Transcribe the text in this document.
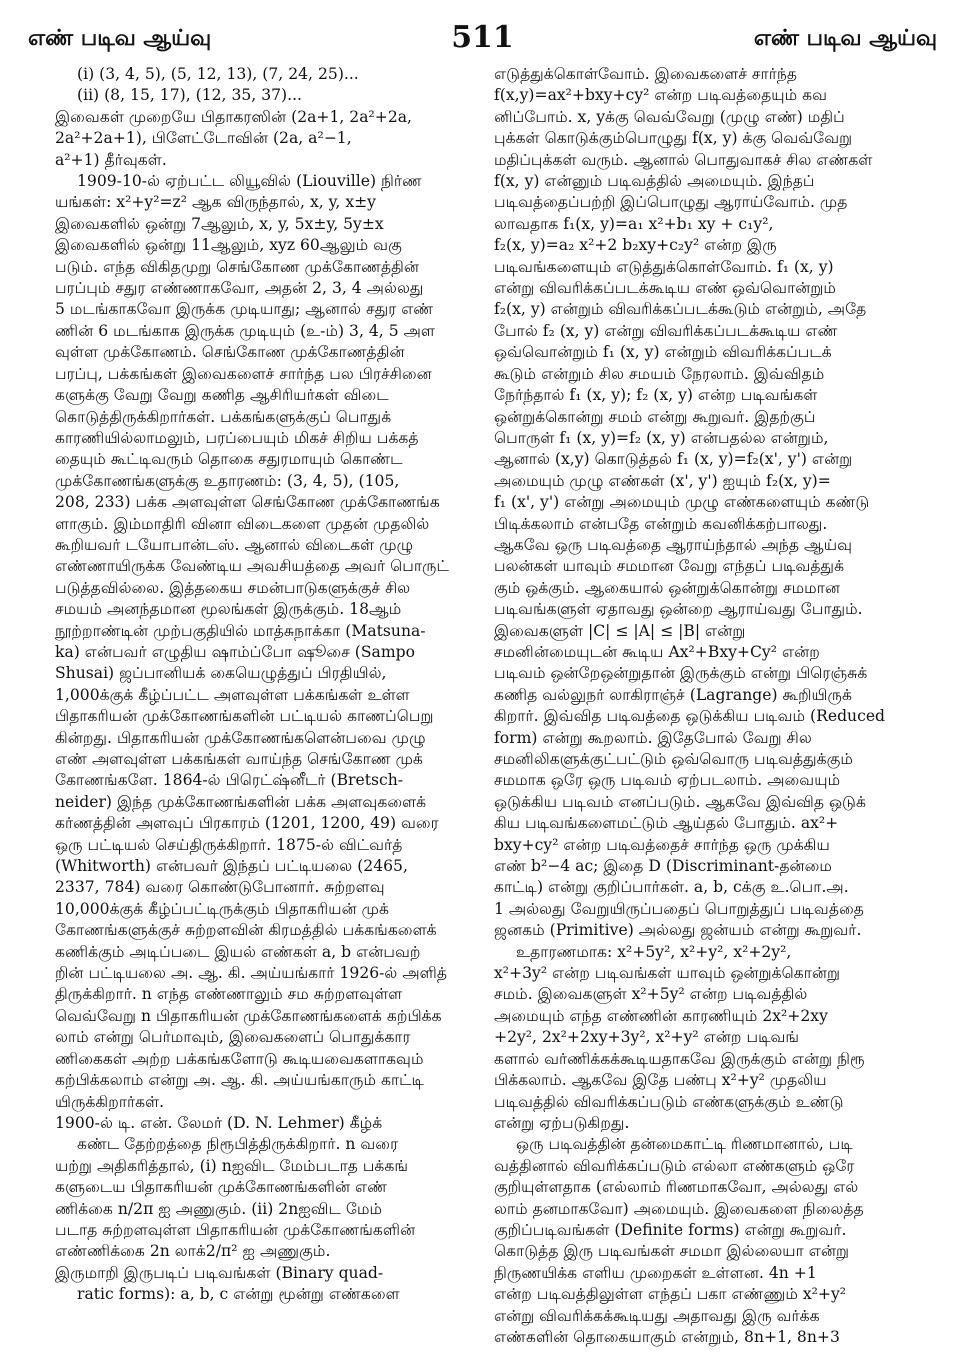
எண் படிவ ஆய்வு	511	எண் படிவ ஆய்வு
(i) (3, 4, 5), (5, 12, 13), (7, 24, 25)...
(ii) (8, 15, 17), (12, 35, 37)...
இவைகள் முறையே பிதாகரஸின் (2a+1, 2a²+2a,
2a²+2a+1), பிளேட்டோவின் (2a, a²−1,
a²+1) தீர்வுகள்.
1909-10-ல் ஏற்பட்ட லியூவில் (Liouville) நிர்ண
யங்கள்: x²+y²=z² ஆக விருந்தால், x, y, x±y
இவைகளில் ஒன்று 7ஆலும், x, y, 5x±y, 5y±x
இவைகளில் ஒன்று 11ஆலும், xyz 60ஆலும் வகு
படும். எந்த விகிதமுறு செங்கோண முக்கோணத்தின்
பரப்பும் சதுர எண்ணாகவோ, அதன் 2, 3, 4 அல்லது
5 மடங்காகவோ இருக்க முடியாது; ஆனால் சதுர எண்
ணின் 6 மடங்காக இருக்க முடியும் (உ-ம்) 3, 4, 5 அள
வுள்ள முக்கோணம். செங்கோண முக்கோணத்தின்
பரப்பு, பக்கங்கள் இவைகளைச் சார்ந்த பல பிரச்சினை
களுக்கு வேறு வேறு கணித ஆசிரியர்கள் விடை
கொடுத்திருக்கிறார்கள். பக்கங்களுக்குப் பொதுக்
காரணியில்லாமலும், பரப்பையும் மிகச் சிறிய பக்கத்
தையும் கூட்டிவரும் தொகை சதுரமாயும் கொண்ட
முக்கோணங்களுக்கு உதாரணம்: (3, 4, 5), (105,
208, 233) பக்க அளவுள்ள செங்கோண முக்கோணங்க
ளாகும். இம்மாதிரி வினா விடைகளை முதன் முதலில்
கூறியவர் டயோபான்டஸ். ஆனால் விடைகள் முழு
எண்ணாயிருக்க வேண்டிய அவசியத்தை அவர் பொருட்
படுத்தவில்லை. இத்தகைய சமன்பாடுகளுக்குச் சில
சமயம் அனந்தமான மூலங்கள் இருக்கும். 18ஆம்
நூற்றாண்டின் முற்பகுதியில் மாத்சுநாக்கா (Matsuna-
ka) என்பவர் எழுதிய ஷாம்ப்போ ஷூசை (Sampo
Shusai) ஜப்பானியக் கையெழுத்துப் பிரதியில்,
1,000க்குக் கீழ்ப்பட்ட அளவுள்ள பக்கங்கள் உள்ள
பிதாகரியன் முக்கோணங்களின் பட்டியல் காணப்பெறு
கின்றது. பிதாகரியன் முக்கோணங்களென்பவை முழு
எண் அளவுள்ள பக்கங்கள் வாய்ந்த செங்கோண முக்
கோணங்களே. 1864-ல் பிரெட்ஷ்னீடர் (Bretsch-
neider) இந்த முக்கோணங்களின் பக்க அளவுகளைக்
கர்ணத்தின் அளவுப் பிரகாரம் (1201, 1200, 49) வரை
ஒரு பட்டியல் செய்திருக்கிறார். 1875-ல் விட்வர்த்
(Whitworth) என்பவர் இந்தப் பட்டியலை (2465,
2337, 784) வரை கொண்டுபோனார். சுற்றளவு
10,000க்குக் கீழ்ப்பட்டிருக்கும் பிதாகரியன் முக்
கோணங்களுக்குச் சுற்றளவின் கிரமத்தில் பக்கங்களைக்
கணிக்கும் அடிப்படை இயல் எண்கள் a, b என்பவற்
றின் பட்டியலை அ. ஆ. கி. அய்யங்கார் 1926-ல் அளித்
திருக்கிறார். n எந்த எண்ணாலும் சம சுற்றளவுள்ள
வெவ்வேறு n பிதாகரியன் முக்கோணங்களைக் கற்பிக்க
லாம் என்று பெர்மாவும், இவைகளைப் பொதுக்கார
ணிகைகள் அற்ற பக்கங்களோடு கூடியவைகளாகவும்
கற்பிக்கலாம் என்று அ. ஆ. கி. அய்யங்காரும் காட்டி
யிருக்கிறார்கள்.
1900-ல் டி. என். லேமர் (D. N. Lehmer) கீழ்க்
கண்ட தேற்றத்தை நிரூபித்திருக்கிறார். n வரை
யற்று அதிகரித்தால், (i) nஐவிட மேம்படாத பக்கங்
களுடைய பிதாகரியன் முக்கோணங்களின் எண்
ணிக்கை n/2π ஐ அணுகும். (ii) 2nஐவிட மேம்
படாத சுற்றளவுள்ள பிதாகரியன் முக்கோணங்களின்
எண்ணிக்கை 2n லாக்2/π² ஐ அணுகும்.
இருமாறி இருபடிப் படிவங்கள் (Binary quad-
ratic forms): a, b, c என்று மூன்று எண்களை
எடுத்துக்கொள்வோம். இவைகளைச் சார்ந்த
f(x,y)=ax²+bxy+cy² என்ற படிவத்தையும் கவ
னிப்போம். x, yக்கு வெவ்வேறு (முழு எண்) மதிப்
புக்கள் கொடுக்கும்பொழுது f(x, y) க்கு வெவ்வேறு
மதிப்புக்கள் வரும். ஆனால் பொதுவாகச் சில எண்கள்
f(x, y) என்னும் படிவத்தில் அமையும். இந்தப்
படிவத்தைப்பற்றி இப்பொழுது ஆராய்வோம். முத
லாவதாக f₁(x, y)=a₁ x²+b₁ xy + c₁y²,
f₂(x, y)=a₂ x²+2 b₂xy+c₂y² என்ற இரு
படிவங்களையும் எடுத்துக்கொள்வோம். f₁ (x, y)
என்று விவரிக்கப்படக்கூடிய எண் ஒவ்வொன்றும்
f₂(x, y) என்றும் விவரிக்கப்படக்கூடும் என்றும், அதே
போல் f₂ (x, y) என்று விவரிக்கப்படக்கூடிய எண்
ஒவ்வொன்றும் f₁ (x, y) என்றும் விவரிக்கப்படக்
கூடும் என்றும் சில சமயம் நேரலாம். இவ்விதம்
நேர்ந்தால் f₁ (x, y); f₂ (x, y) என்ற படிவங்கள்
ஒன்றுக்கொன்று சமம் என்று கூறுவர். இதற்குப்
பொருள் f₁ (x, y)=f₂ (x, y) என்பதல்ல என்றும்,
ஆனால் (x,y) கொடுத்தல் f₁ (x, y)=f₂(x', y') என்று
அமையும் முழு எண்கள் (x', y') ஐயும் f₂(x, y)=
f₁ (x', y') என்று அமையும் முழு எண்களையும் கண்டு
பிடிக்கலாம் என்பதே என்றும் கவனிக்கற்பாலது.
ஆகவே ஒரு படிவத்தை ஆராய்ந்தால் அந்த ஆய்வு
பலன்கள் யாவும் சமமான வேறு எந்தப் படிவத்துக்
கும் ஒக்கும். ஆகையால் ஒன்றுக்கொன்று சமமான
படிவங்களுள் ஏதாவது ஒன்றை ஆராய்வது போதும்.
இவைகளுள் |C| ≤ |A| ≤ |B| என்று
சமனின்மையுடன் கூடிய Ax²+Bxy+Cy² என்ற
படிவம் ஒன்றேஒன்றுதான் இருக்கும் என்று பிரெஞ்சுக்
கணித வல்லுநர் லாகிராஞ்ச் (Lagrange) கூறியிருக்
கிறார். இவ்வித படிவத்தை ஒடுக்கிய படிவம் (Reduced
form) என்று கூறலாம். இதேபோல் வேறு சில
சமனிலிகளுக்குட்பட்டும் ஒவ்வொரு படிவத்துக்கும்
சமமாக ஒரே ஒரு படிவம் ஏற்படலாம். அவையும்
ஒடுக்கிய படிவம் எனப்படும். ஆகவே இவ்வித ஒடுக்
கிய படிவங்களைமட்டும் ஆய்தல் போதும். ax²+
bxy+cy² என்ற படிவத்தைச் சார்ந்த ஒரு முக்கிய
எண் b²−4 ac; இதை D (Discriminant-தன்மை
காட்டி) என்று குறிப்பார்கள். a, b, cக்கு உ.பொ.அ.
1 அல்லது வேறுயிருப்பதைப் பொறுத்துப் படிவத்தை
ஜனகம் (Primitive) அல்லது ஜன்யம் என்று கூறுவர்.
உதாரணமாக: x²+5y², x²+y², x²+2y²,
x²+3y² என்ற படிவங்கள் யாவும் ஒன்றுக்கொன்று
சமம். இவைகளுள் x²+5y² என்ற படிவத்தில்
அமையும் எந்த எண்ணின் காரணியும் 2x²+2xy
+2y², 2x²+2xy+3y², x²+y² என்ற படிவங்
களால் வர்ணிக்கக்கூடியதாகவே இருக்கும் என்று நிரூ
பிக்கலாம். ஆகவே இதே பண்பு x²+y² முதலிய
படிவத்தில் விவரிக்கப்படும் எண்களுக்கும் உண்டு
என்று ஏற்படுகிறது.
ஒரு படிவத்தின் தன்மைகாட்டி ரிணமானால், படி
வத்தினால் விவரிக்கப்படும் எல்லா எண்களும் ஒரே
குறியுள்ளதாக (எல்லாம் ரிணமாகவோ, அல்லது எல்
லாம் தனமாகவோ) அமையும். இவைகளை நிலைத்த
குறிப்படிவங்கள் (Definite forms) என்று கூறுவர்.
கொடுத்த இரு படிவங்கள் சமமா இல்லையா என்று
நிருணயிக்க எளிய முறைகள் உள்ளன. 4n +1
என்ற படிவத்திலுள்ள எந்தப் பகா எண்ணும் x²+y²
என்று விவரிக்கக்கூடியது அதாவது இரு வர்க்க
எண்களின் தொகையாகும் என்றும், 8n+1, 8n+3
